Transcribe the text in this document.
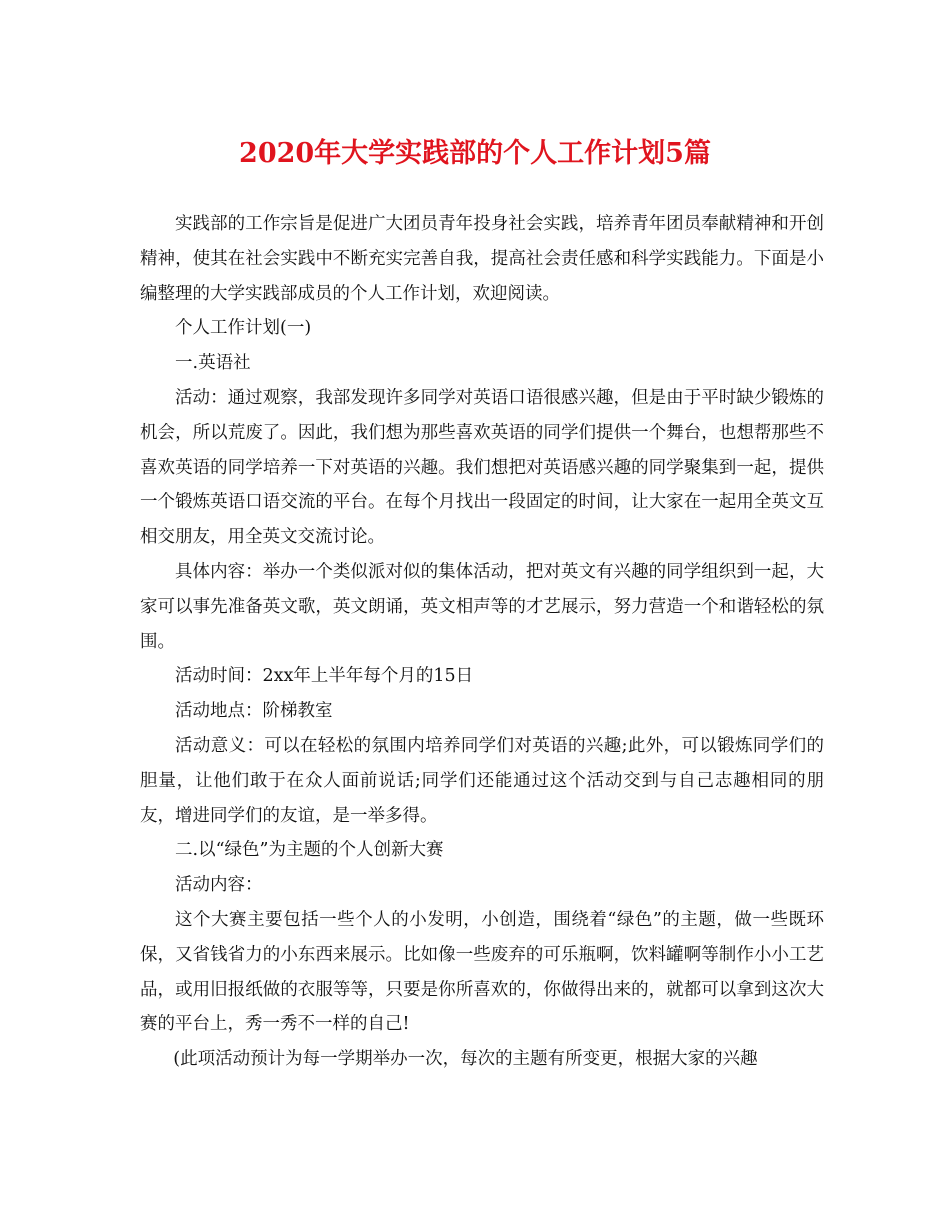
2020年大学实践部的个人工作计划5篇

实践部的工作宗旨是促进广大团员青年投身社会实践，培养青年团员奉献精神和开创精神，使其在社会实践中不断充实完善自我，提高社会责任感和科学实践能力。下面是小编整理的大学实践部成员的个人工作计划，欢迎阅读。

个人工作计划(一)

一.英语社

活动：通过观察，我部发现许多同学对英语口语很感兴趣，但是由于平时缺少锻炼的机会，所以荒废了。因此，我们想为那些喜欢英语的同学们提供一个舞台，也想帮那些不喜欢英语的同学培养一下对英语的兴趣。我们想把对英语感兴趣的同学聚集到一起，提供一个锻炼英语口语交流的平台。在每个月找出一段固定的时间，让大家在一起用全英文互相交朋友，用全英文交流讨论。

具体内容：举办一个类似派对似的集体活动，把对英文有兴趣的同学组织到一起，大家可以事先准备英文歌，英文朗诵，英文相声等的才艺展示，努力营造一个和谐轻松的氛围。

活动时间：2xx年上半年每个月的15日

活动地点：阶梯教室

活动意义：可以在轻松的氛围内培养同学们对英语的兴趣;此外，可以锻炼同学们的胆量，让他们敢于在众人面前说话;同学们还能通过这个活动交到与自己志趣相同的朋友，增进同学们的友谊，是一举多得。

二.以“绿色”为主题的个人创新大赛

活动内容：

这个大赛主要包括一些个人的小发明，小创造，围绕着“绿色”的主题，做一些既环保，又省钱省力的小东西来展示。比如像一些废弃的可乐瓶啊，饮料罐啊等制作小小工艺品，或用旧报纸做的衣服等等，只要是你所喜欢的，你做得出来的，就都可以拿到这次大赛的平台上，秀一秀不一样的自己!

(此项活动预计为每一学期举办一次，每次的主题有所变更，根据大家的兴趣
